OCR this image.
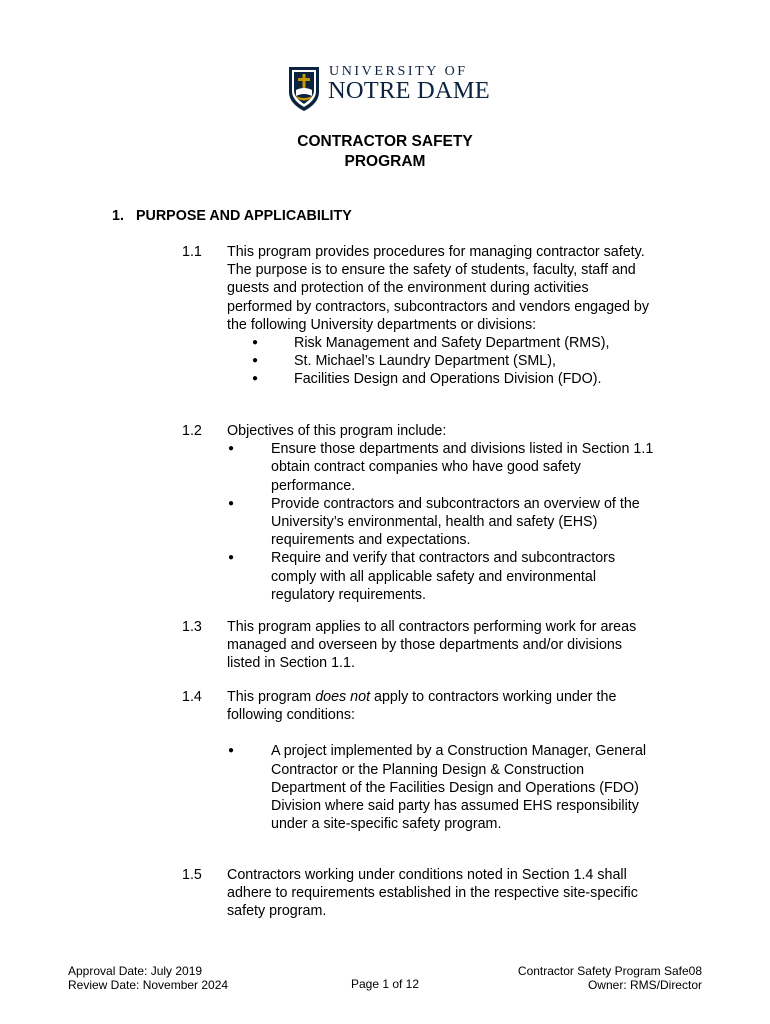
UNIVERSITY OF
NOTRE DAME
CONTRACTOR SAFETY
PROGRAM
1. PURPOSE AND APPLICABILITY
1.1 This program provides procedures for managing contractor safety. The purpose is to ensure the safety of students, faculty, staff and guests and protection of the environment during activities performed by contractors, subcontractors and vendors engaged by the following University departments or divisions:

●	Risk Management and Safety Department (RMS),
●	St. Michael’s Laundry Department (SML),
●	Facilities Design and Operations Division (FDO).
1.2 Objectives of this program include:

●	Ensure those departments and divisions listed in Section 1.1 obtain contract companies who have good safety performance.
●	Provide contractors and subcontractors an overview of the University’s environmental, health and safety (EHS) requirements and expectations.
●	Require and verify that contractors and subcontractors comply with all applicable safety and environmental regulatory requirements.
1.3 This program applies to all contractors performing work for areas managed and overseen by those departments and/or divisions listed in Section 1.1.

1.4 This program does not apply to contractors working under the following conditions:

●	A project implemented by a Construction Manager, General Contractor or the Planning Design & Construction Department of the Facilities Design and Operations (FDO) Division where said party has assumed EHS responsibility under a site-specific safety program.
1.5 Contractors working under conditions noted in Section 1.4 shall adhere to requirements established in the respective site-specific safety program.

Approval Date: July 2019
Review Date: November 2024	Page 1 of 12
Contractor Safety Program Safe08
Owner: RMS/Director
